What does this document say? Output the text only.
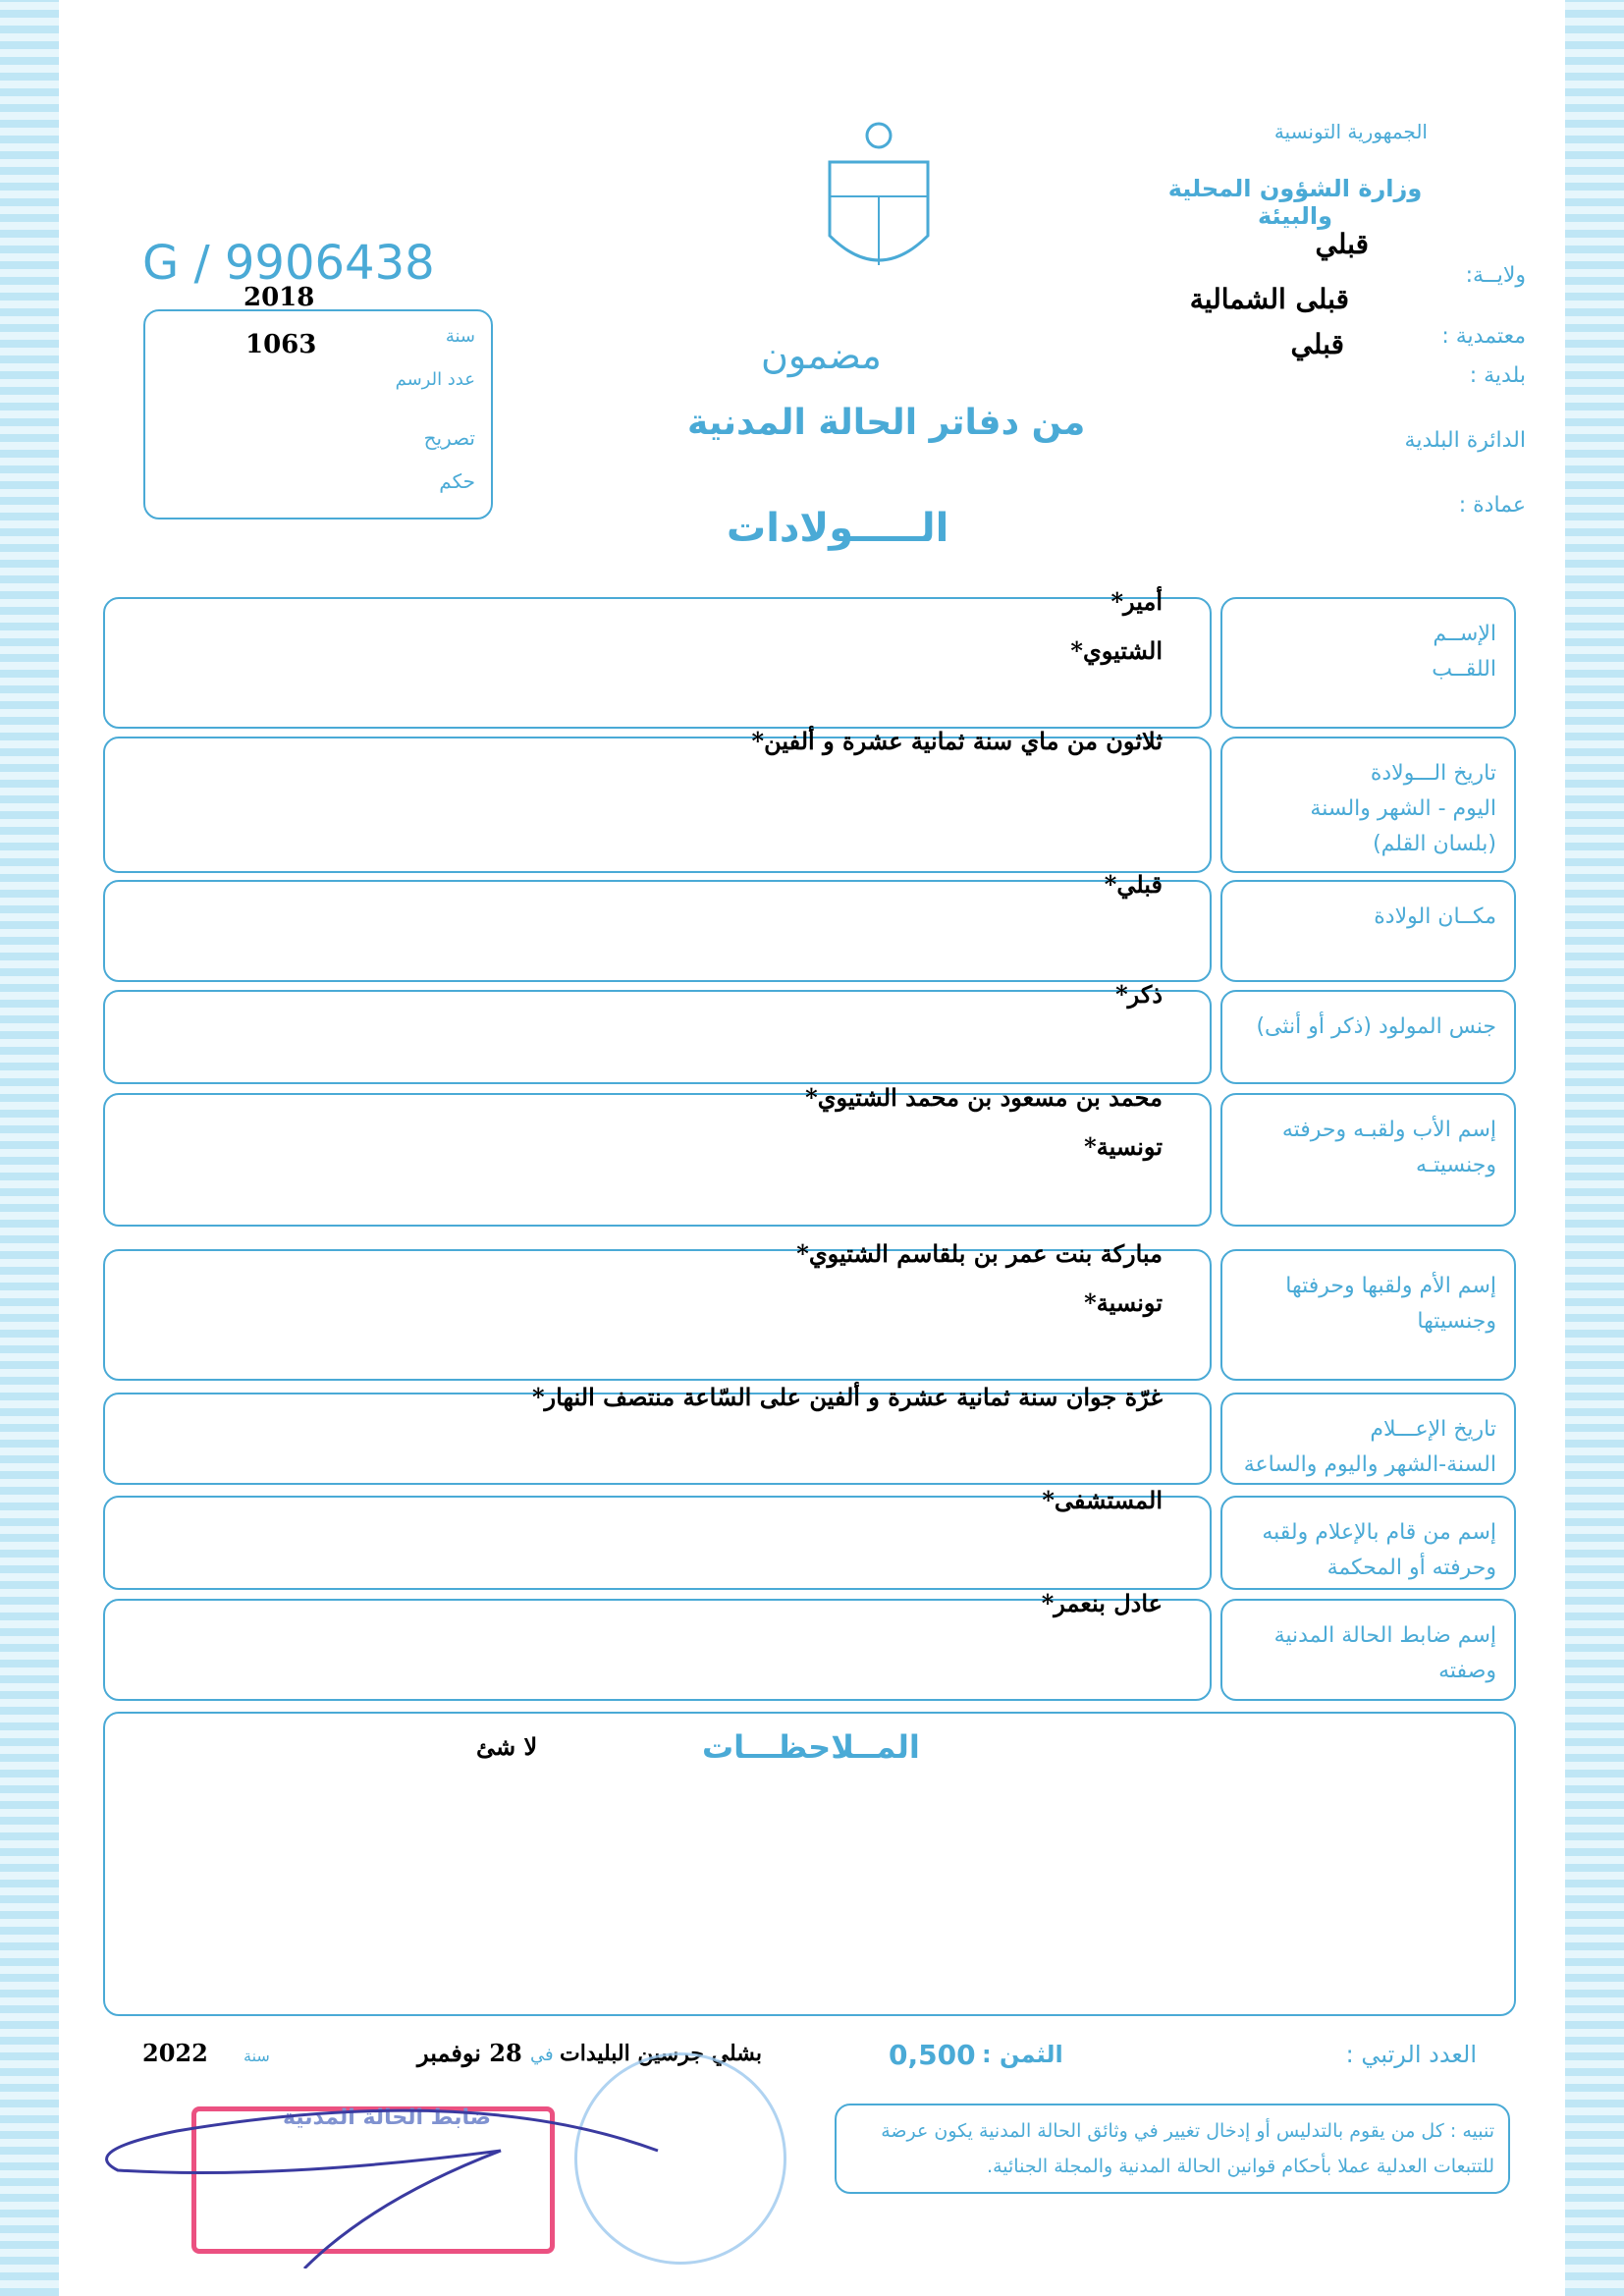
الجمهورية التونسية
وزارة الشؤون المحلية والبيئة
ولايــة:
قبلي
معتمدية :
قبلى الشمالية
بلدية :
قبلي
الدائرة البلدية
عمادة :
G / 9906438
2018
سنة
1063
عدد الرسم
تصريح
حكم
مضمون
من دفاتر الحالة المدنية
الـــــولادات
الإســم
اللقــب
أمير*
الشتيوي*
تاريخ الـــولادة
اليوم - الشهر والسنة
(بلسان القلم)
ثلاثون من ماي سنة ثمانية عشرة و ألفين*
مكــان الولادة
قبلي*
جنس المولود (ذكر أو أنثى)
ذكر*
إسم الأب ولقبـه وحرفته
وجنسيتـه
محمد بن مسعود بن محمد الشتيوي*
تونسية*
إسم الأم ولقبها وحرفتها
وجنسيتها
مباركة بنت عمر بن بلقاسم الشتيوي*
تونسية*
تاريخ الإعـــلام
السنة-الشهر واليوم والساعة
غرّة جوان سنة ثمانية عشرة و ألفين على السّاعة منتصف النهار*
إسم من قام بالإعلام ولقبه
وحرفته أو المحكمة
المستشفى*
إسم ضابط الحالة المدنية
وصفته
عادل بنعمر*
المــلاحظـــات
لا شئ
العدد الرتبي :
الثمن :
0,500
بشلي جرسين البليدات
في
28 نوفمبر
سنة
2022
تنبيه : كل من يقوم بالتدليس أو إدخال تغيير في وثائق الحالة المدنية يكون عرضة للتتبعات العدلية عملا بأحكام قوانين الحالة المدنية والمجلة الجنائية.
ضابط الحالة المدنية
